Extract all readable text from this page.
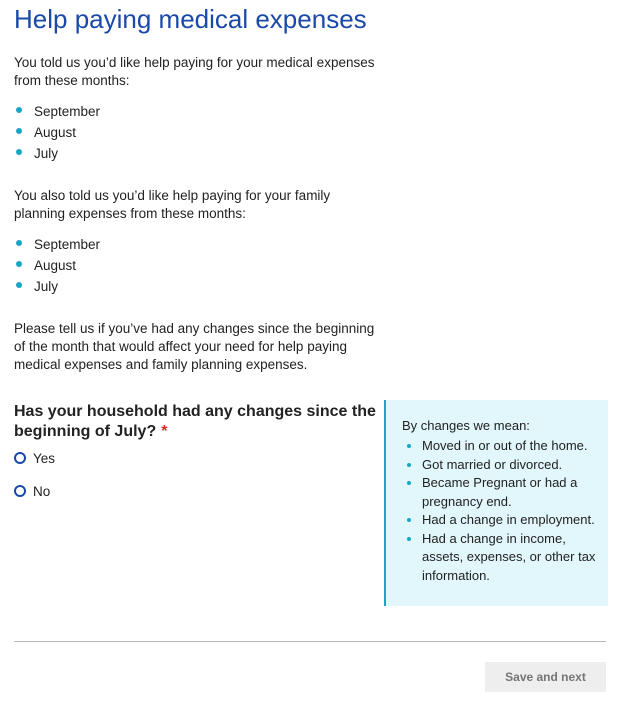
Help paying medical expenses

You told us you’d like help paying for your medical expenses from these months:

September
August
July

You also told us you’d like help paying for your family planning expenses from these months:

September
August
July

Please tell us if you’ve had any changes since the beginning of the month that would affect your need for help paying medical expenses and family planning expenses.

Has your household had any changes since the beginning of July? *

Yes
No

By changes we mean:

Moved in or out of the home.
Got married or divorced.
Became Pregnant or had a pregnancy end.
Had a change in employment.
Had a change in income, assets, expenses, or other tax information.
Save and next
